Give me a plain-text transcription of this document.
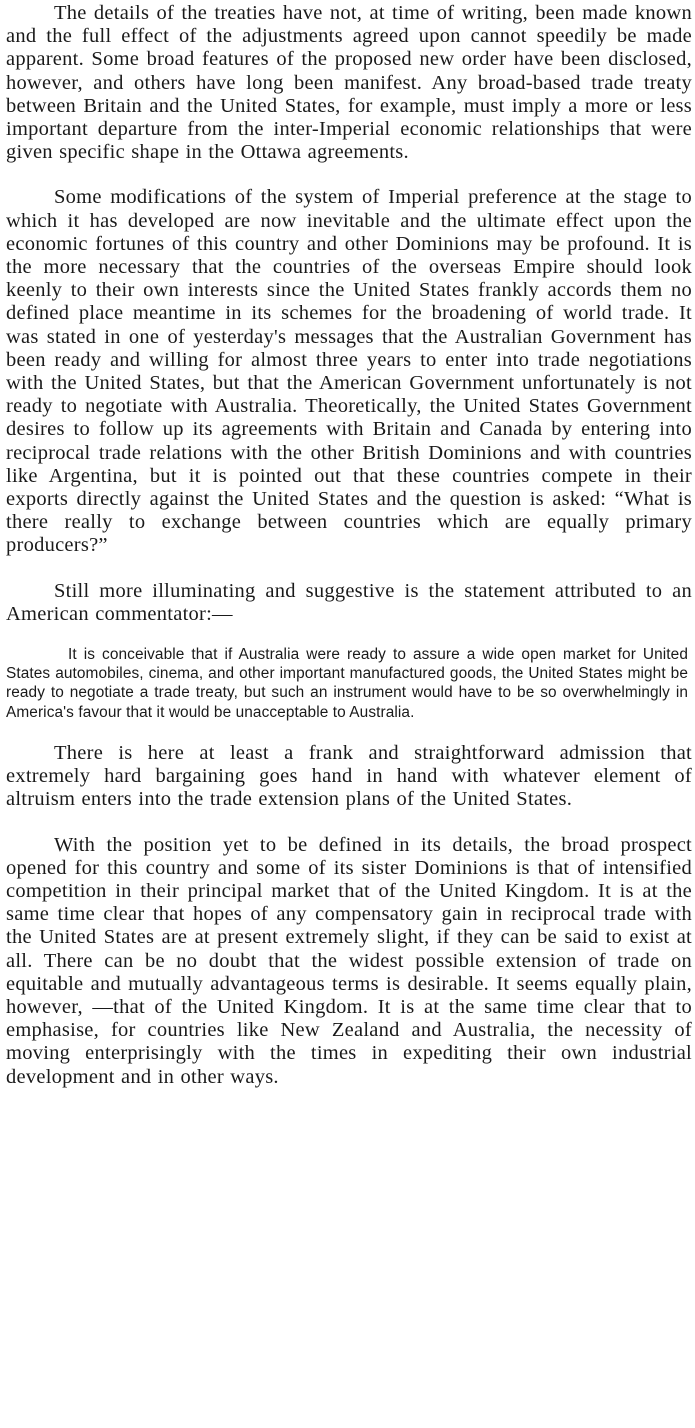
The details of the treaties have not, at time of writing, been made known and the full effect of the adjustments agreed upon cannot speedily be made apparent. Some broad features of the proposed new order have been disclosed, however, and others have long been manifest. Any broad-based trade treaty between Britain and the United States, for example, must imply a more or less important departure from the inter-Imperial economic relationships that were given specific shape in the Ottawa agreements.

Some modifications of the system of Imperial preference at the stage to which it has developed are now inevitable and the ultimate effect upon the economic fortunes of this country and other Dominions may be profound. It is the more necessary that the countries of the overseas Empire should look keenly to their own interests since the United States frankly accords them no defined place meantime in its schemes for the broadening of world trade. It was stated in one of yesterday's messages that the Australian Government has been ready and willing for almost three years to enter into trade negotiations with the United States, but that the American Government unfortunately is not ready to negotiate with Australia. Theoretically, the United States Government desires to follow up its agreements with Britain and Canada by entering into reciprocal trade relations with the other British Dominions and with countries like Argentina, but it is pointed out that these countries compete in their exports directly against the United States and the question is asked: “What is there really to exchange between countries which are equally primary producers?”

Still more illuminating and suggestive is the statement attributed to an American commentator:—

It is conceivable that if Australia were ready to assure a wide open market for United States automobiles, cinema, and other important manufactured goods, the United States might be ready to negotiate a trade treaty, but such an instrument would have to be so overwhelmingly in America's favour that it would be unacceptable to Australia.

There is here at least a frank and straightforward admission that extremely hard bargaining goes hand in hand with whatever element of altruism enters into the trade extension plans of the United States.

With the position yet to be defined in its details, the broad prospect opened for this country and some of its sister Dominions is that of intensified competition in their principal market that of the United Kingdom. It is at the same time clear that hopes of any compensatory gain in reciprocal trade with the United States are at present extremely slight, if they can be said to exist at all. There can be no doubt that the widest possible extension of trade on equitable and mutually advantageous terms is desirable. It seems equally plain, however, —that of the United Kingdom. It is at the same time clear that to emphasise, for countries like New Zealand and Australia, the necessity of moving enterprisingly with the times in expediting their own industrial development and in other ways.
